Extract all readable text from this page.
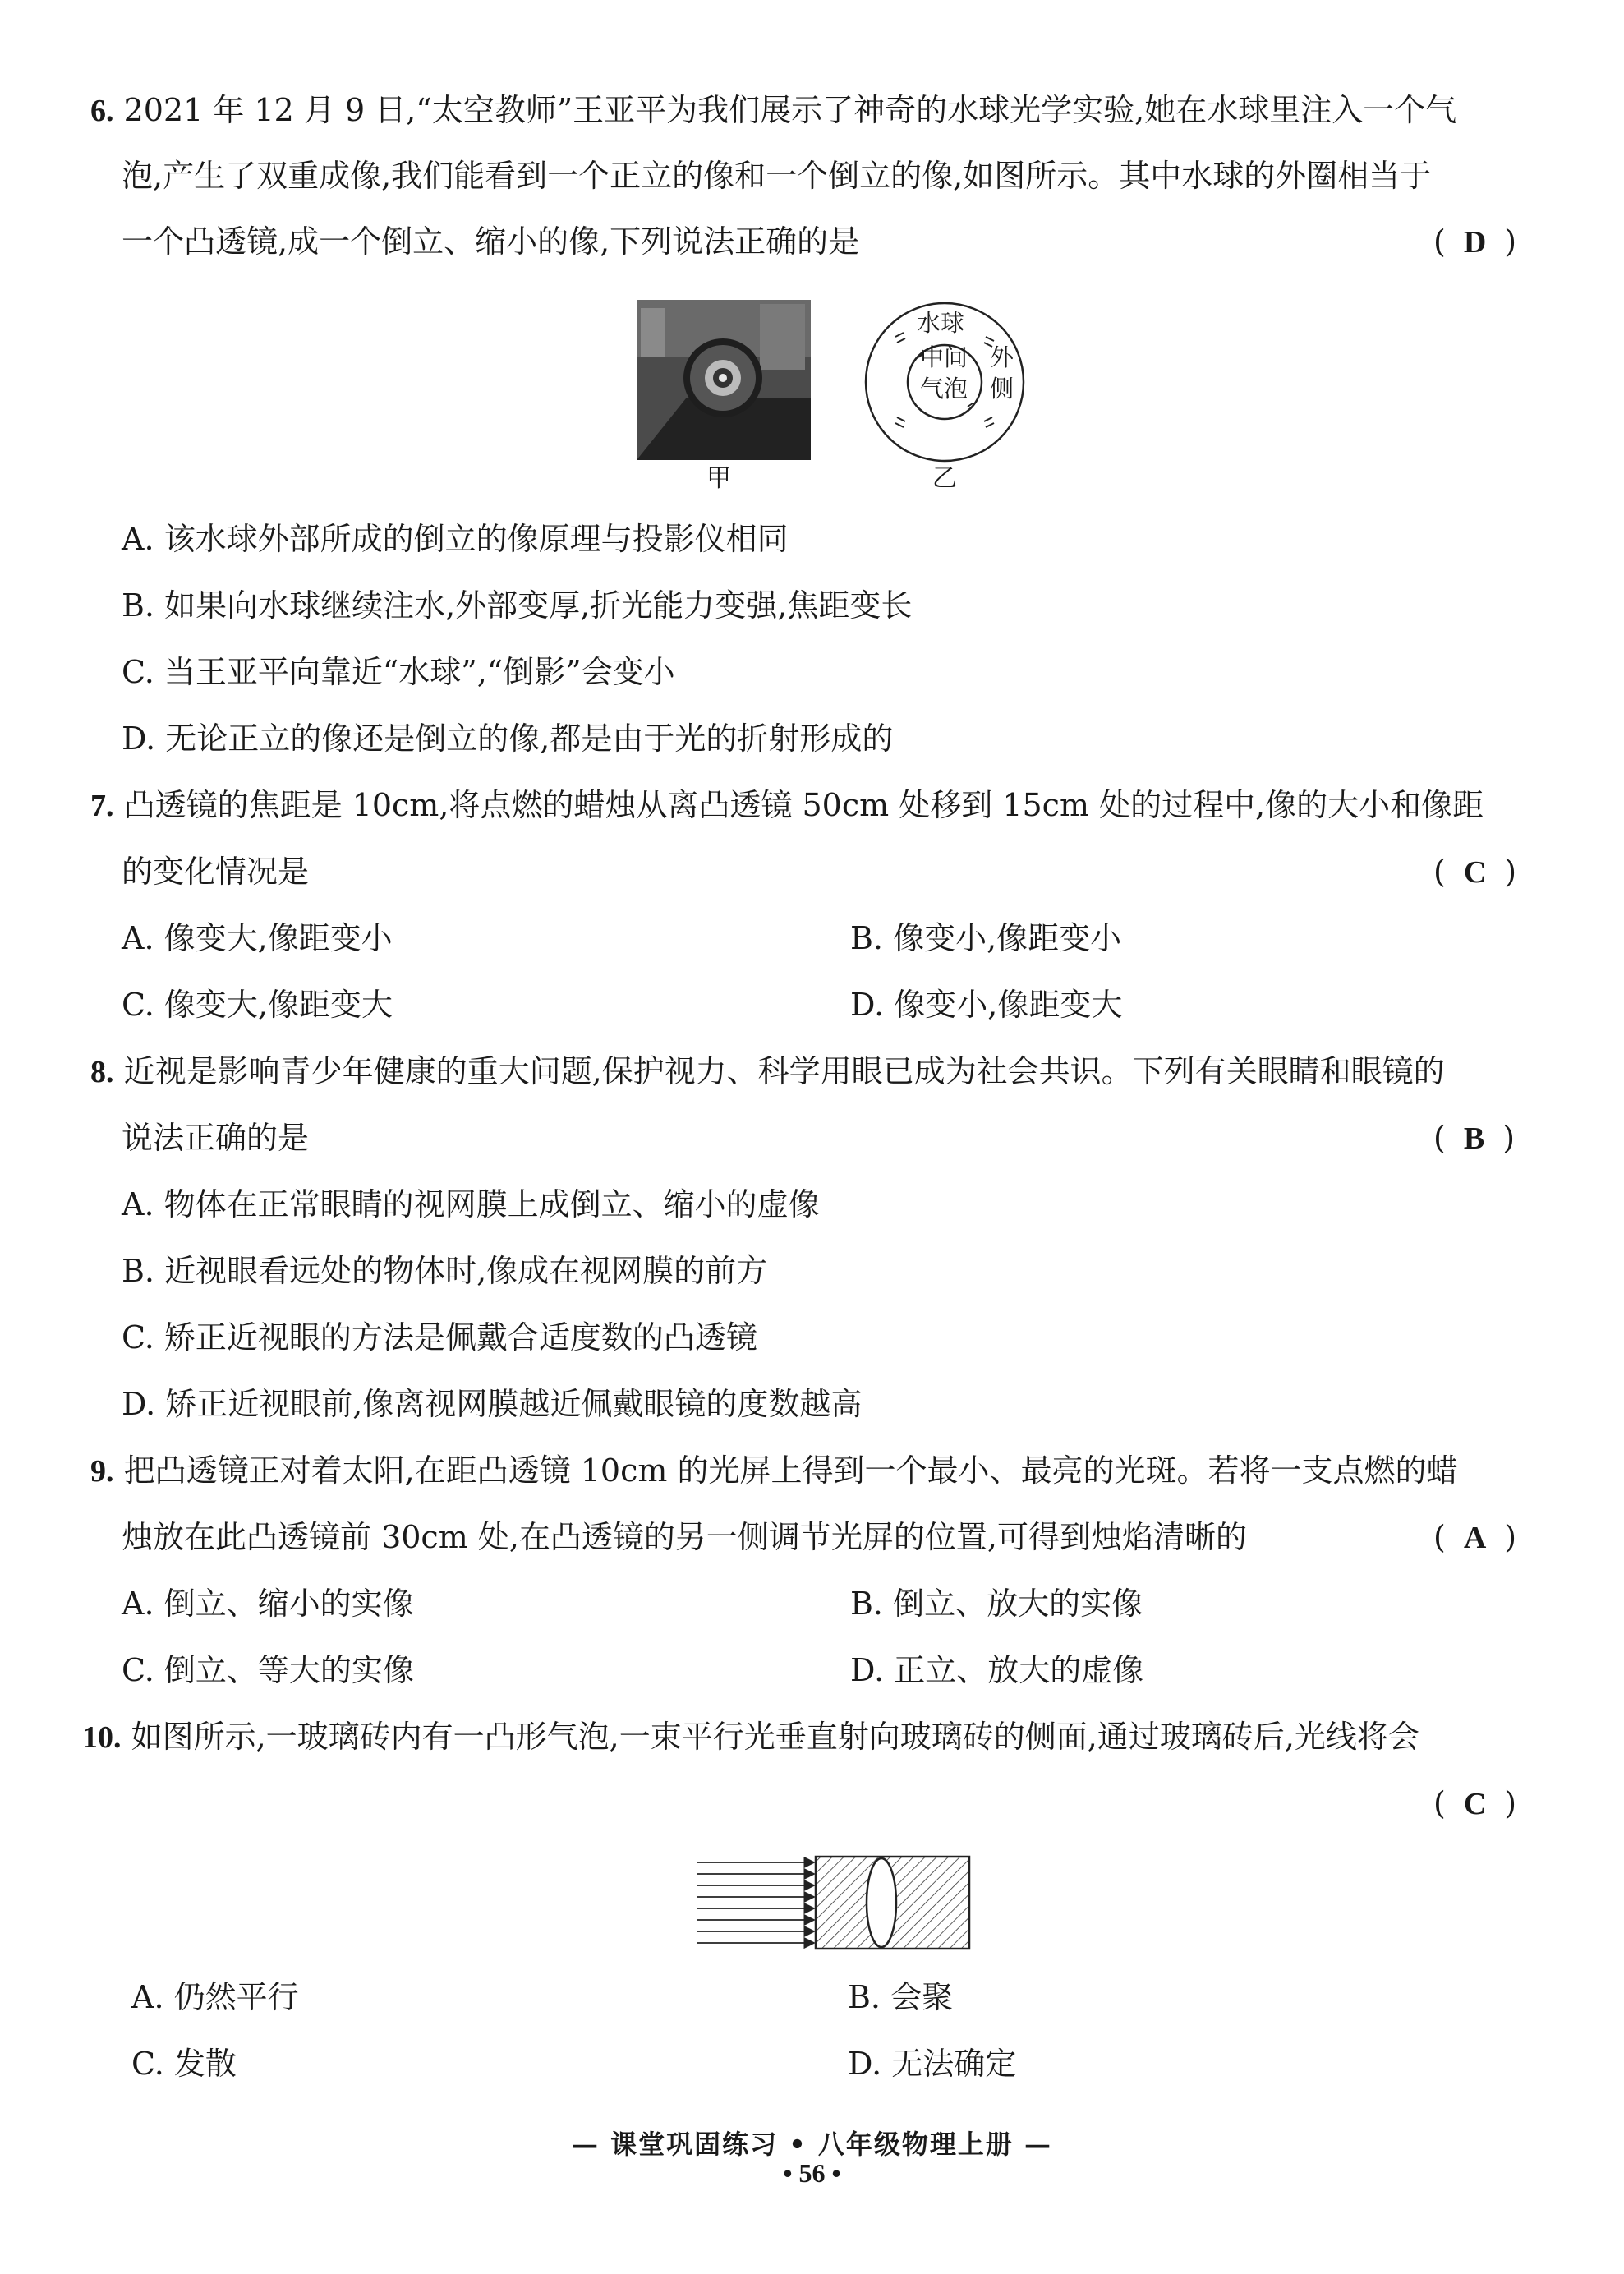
6. 2021 年 12 月 9 日,“太空教师”王亚平为我们展示了神奇的水球光学实验,她在水球里注入一个气
泡,产生了双重成像,我们能看到一个正立的像和一个倒立的像,如图所示。其中水球的外圈相当于
一个凸透镜,成一个倒立、缩小的像,下列说法正确的是	( D )
甲
水球
中间
气泡
外
侧
乙
A. 该水球外部所成的倒立的像原理与投影仪相同
B. 如果向水球继续注水,外部变厚,折光能力变强,焦距变长
C. 当王亚平向靠近“水球”,“倒影”会变小
D. 无论正立的像还是倒立的像,都是由于光的折射形成的
7. 凸透镜的焦距是 10cm,将点燃的蜡烛从离凸透镜 50cm 处移到 15cm 处的过程中,像的大小和像距
的变化情况是	( C )
A. 像变大,像距变小	B. 像变小,像距变小
C. 像变大,像距变大	D. 像变小,像距变大
8. 近视是影响青少年健康的重大问题,保护视力、科学用眼已成为社会共识。下列有关眼睛和眼镜的
说法正确的是	( B )
A. 物体在正常眼睛的视网膜上成倒立、缩小的虚像
B. 近视眼看远处的物体时,像成在视网膜的前方
C. 矫正近视眼的方法是佩戴合适度数的凸透镜
D. 矫正近视眼前,像离视网膜越近佩戴眼镜的度数越高
9. 把凸透镜正对着太阳,在距凸透镜 10cm 的光屏上得到一个最小、最亮的光斑。若将一支点燃的蜡
烛放在此凸透镜前 30cm 处,在凸透镜的另一侧调节光屏的位置,可得到烛焰清晰的	( A )
A. 倒立、缩小的实像	B. 倒立、放大的实像
C. 倒立、等大的实像	D. 正立、放大的虚像
10. 如图所示,一玻璃砖内有一凸形气泡,一束平行光垂直射向玻璃砖的侧面,通过玻璃砖后,光线将会
( C )
A. 仍然平行	B. 会聚
C. 发散	D. 无法确定
— 课堂巩固练习 • 八年级物理上册 —
• 56 •
